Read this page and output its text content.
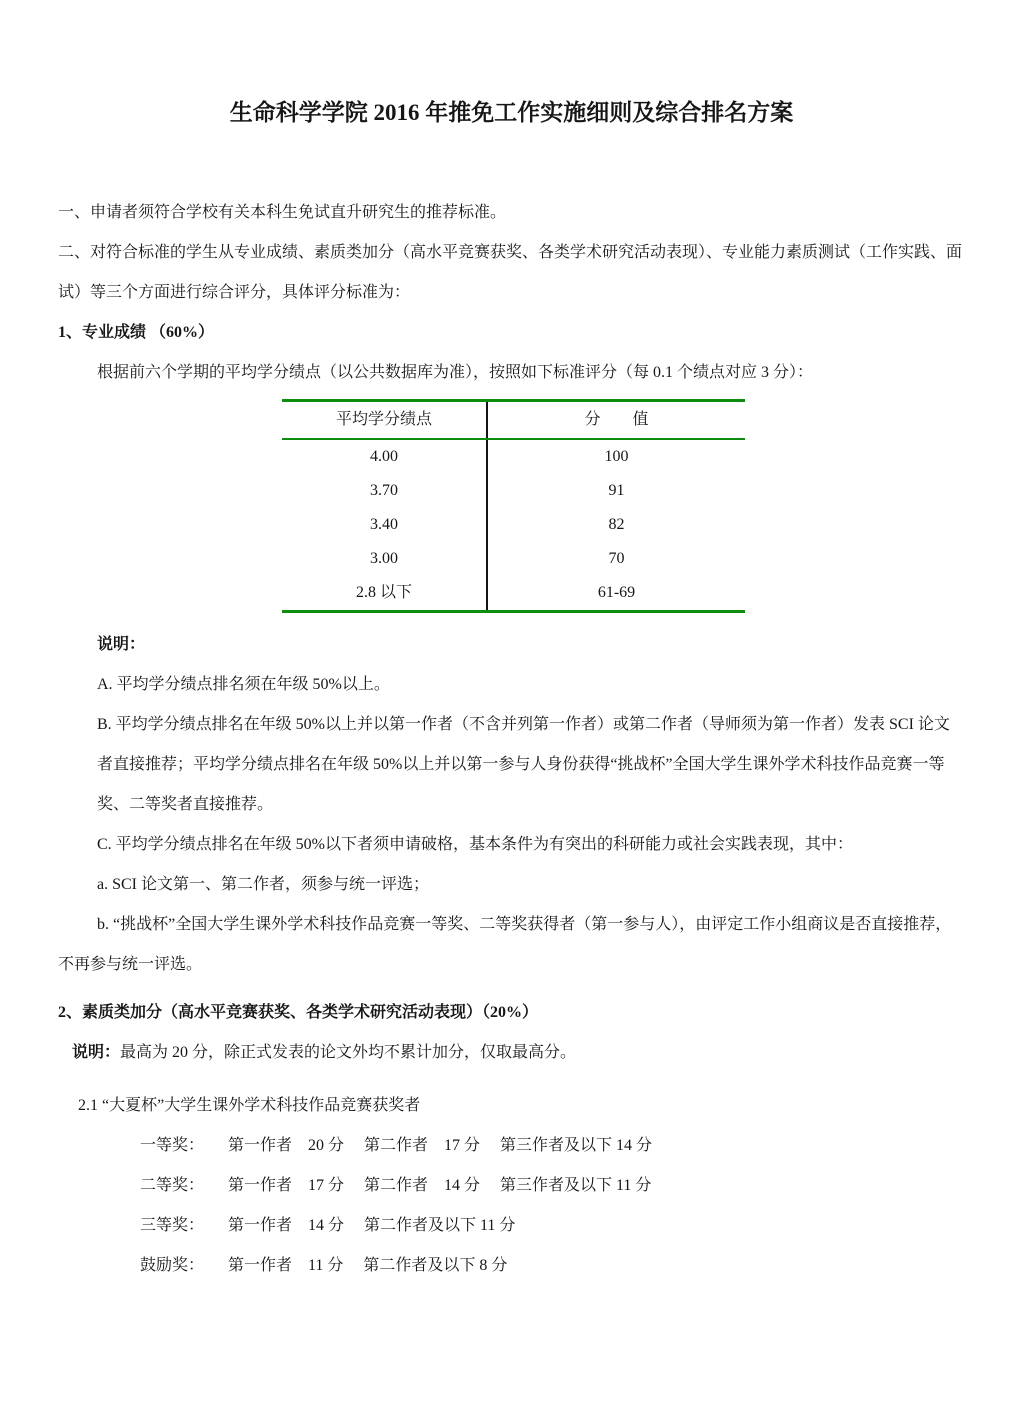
生命科学学院 2016 年推免工作实施细则及综合排名方案

一、申请者须符合学校有关本科生免试直升研究生的推荐标准。

二、对符合标准的学生从专业成绩、素质类加分（高水平竞赛获奖、各类学术研究活动表现）、专业能力素质测试（工作实践、面试）等三个方面进行综合评分，具体评分标准为：

1、专业成绩 （60%）

根据前六个学期的平均学分绩点（以公共数据库为准），按照如下标准评分（每 0.1 个绩点对应 3 分）：

平均学分绩点	分　　值
4.00	100
3.70	91
3.40	82
3.00	70
2.8 以下	61-69

说明：

A. 平均学分绩点排名须在年级 50%以上。

B. 平均学分绩点排名在年级 50%以上并以第一作者（不含并列第一作者）或第二作者（导师须为第一作者）发表 SCI 论文者直接推荐；平均学分绩点排名在年级 50%以上并以第一参与人身份获得“挑战杯”全国大学生课外学术科技作品竞赛一等奖、二等奖者直接推荐。

C. 平均学分绩点排名在年级 50%以下者须申请破格，基本条件为有突出的科研能力或社会实践表现，其中：

a. SCI 论文第一、第二作者，须参与统一评选；

b. “挑战杯”全国大学生课外学术科技作品竞赛一等奖、二等奖获得者（第一参与人），由评定工作小组商议是否直接推荐，不再参与统一评选。

2、素质类加分（高水平竞赛获奖、各类学术研究活动表现）（20%）

说明：最高为 20 分，除正式发表的论文外均不累计加分，仅取最高分。

2.1 “大夏杯”大学生课外学术科技作品竞赛获奖者

一等奖： 第一作者　20 分　 第二作者　17 分　 第三作者及以下 14 分

二等奖： 第一作者　17 分　 第二作者　14 分　 第三作者及以下 11 分

三等奖： 第一作者　14 分　 第二作者及以下 11 分

鼓励奖： 第一作者　11 分　 第二作者及以下 8 分
